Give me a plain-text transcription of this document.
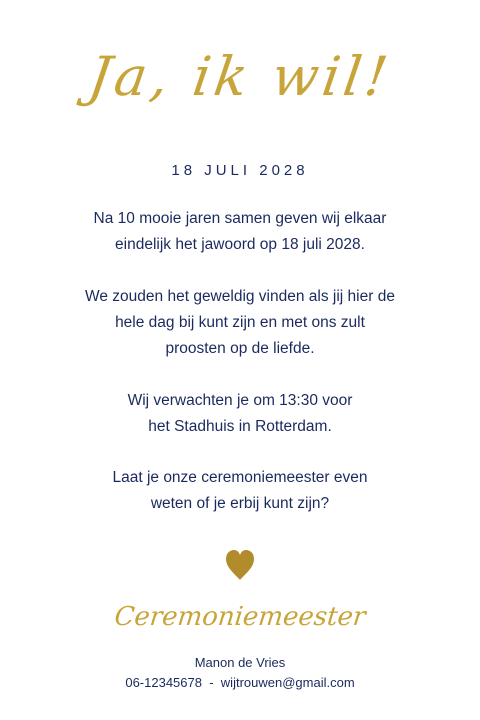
Ja, ik wil!
18 JULI 2028
Na 10 mooie jaren samen geven wij elkaar
eindelijk het jawoord op 18 juli 2028.
We zouden het geweldig vinden als jij hier de
hele dag bij kunt zijn en met ons zult
proosten op de liefde.
Wij verwachten je om 13:30 voor
het Stadhuis in Rotterdam.
Laat je onze ceremoniemeester even
weten of je erbij kunt zijn?
Ceremoniemeester
Manon de Vries
06-12345678 - wijtrouwen@gmail.com
